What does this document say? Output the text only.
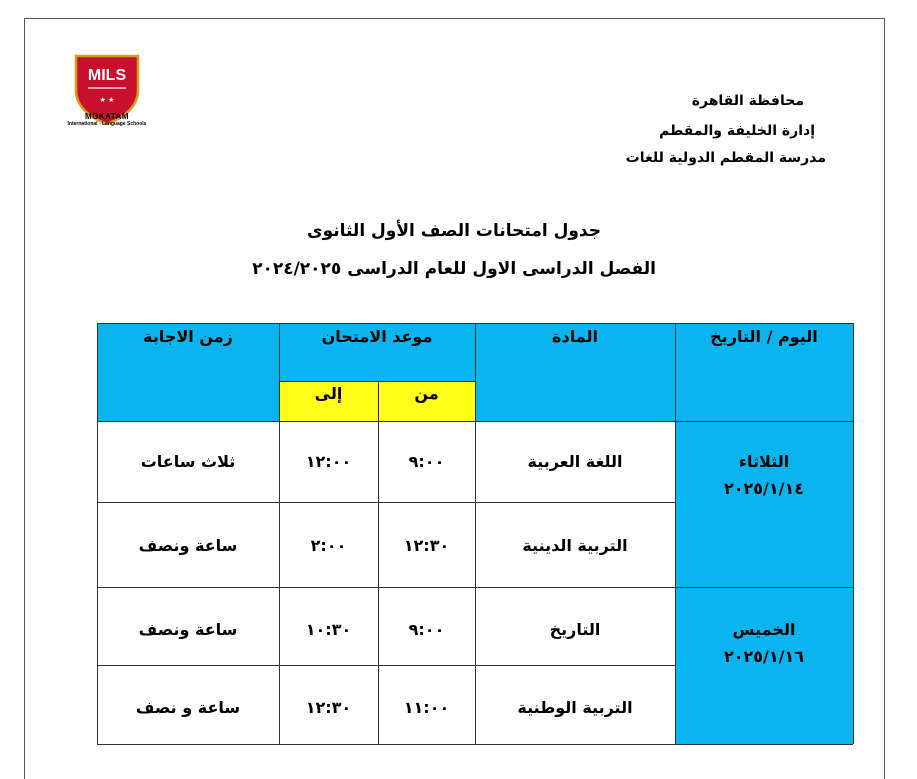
MILS
★ ★
MOKATAM
International - Language Schools
محافظة القاهرة
إدارة الخليفة والمقطم
مدرسة المقطم الدولية للغات
جدول امتحانات الصف الأول الثانوى
الفصل الدراسى الاول للعام الدراسى ٢٠٢٤/٢٠٢٥
اليوم / التاريخ
المادة
موعد الامتحان
زمن الاجابة
من
إلى
الثلاثاء
٢٠٢٥/١/١٤
اللغة العربية
٩:٠٠
١٢:٠٠
ثلاث ساعات
التربية الدينية
١٢:٣٠
٢:٠٠
ساعة ونصف
الخميس
٢٠٢٥/١/١٦
التاريخ
٩:٠٠
١٠:٣٠
ساعة ونصف
التربية الوطنية
١١:٠٠
١٢:٣٠
ساعة و نصف
